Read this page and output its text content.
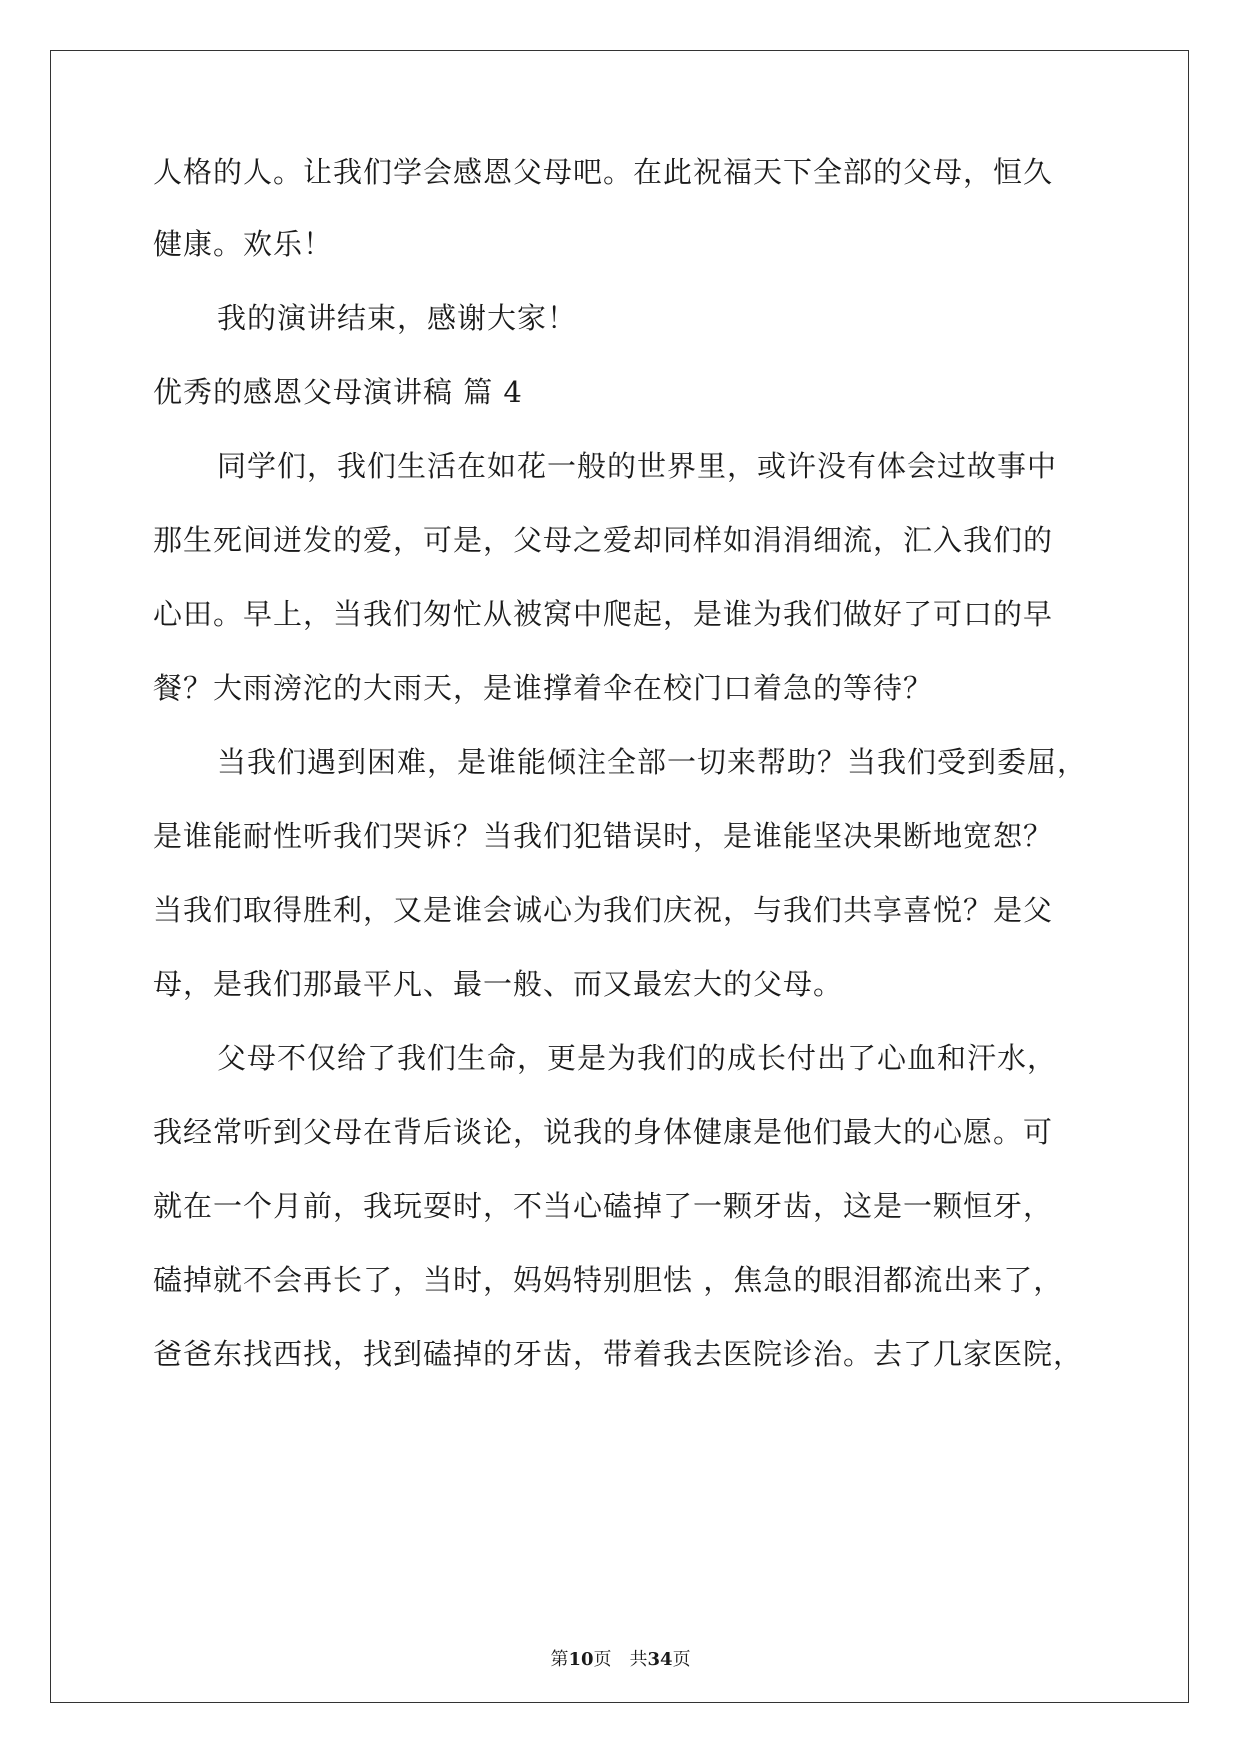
人格的人。让我们学会感恩父母吧。在此祝福天下全部的父母，恒久
健康。欢乐！
我的演讲结束，感谢大家！
优秀的感恩父母演讲稿 篇 4
同学们，我们生活在如花一般的世界里，或许没有体会过故事中
那生死间迸发的爱，可是，父母之爱却同样如涓涓细流，汇入我们的
心田。早上，当我们匆忙从被窝中爬起，是谁为我们做好了可口的早
餐？大雨滂沱的大雨天，是谁撑着伞在校门口着急的等待？
当我们遇到困难，是谁能倾注全部一切来帮助？当我们受到委屈，
是谁能耐性听我们哭诉？当我们犯错误时，是谁能坚决果断地宽恕？
当我们取得胜利，又是谁会诚心为我们庆祝，与我们共享喜悦？是父
母，是我们那最平凡、最一般、而又最宏大的父母。
父母不仅给了我们生命，更是为我们的成长付出了心血和汗水，
我经常听到父母在背后谈论，说我的身体健康是他们最大的心愿。可
就在一个月前，我玩耍时，不当心磕掉了一颗牙齿，这是一颗恒牙，
磕掉就不会再长了，当时，妈妈特别胆怯 ，焦急的眼泪都流出来了，
爸爸东找西找，找到磕掉的牙齿，带着我去医院诊治。去了几家医院，
第10页 共34页
